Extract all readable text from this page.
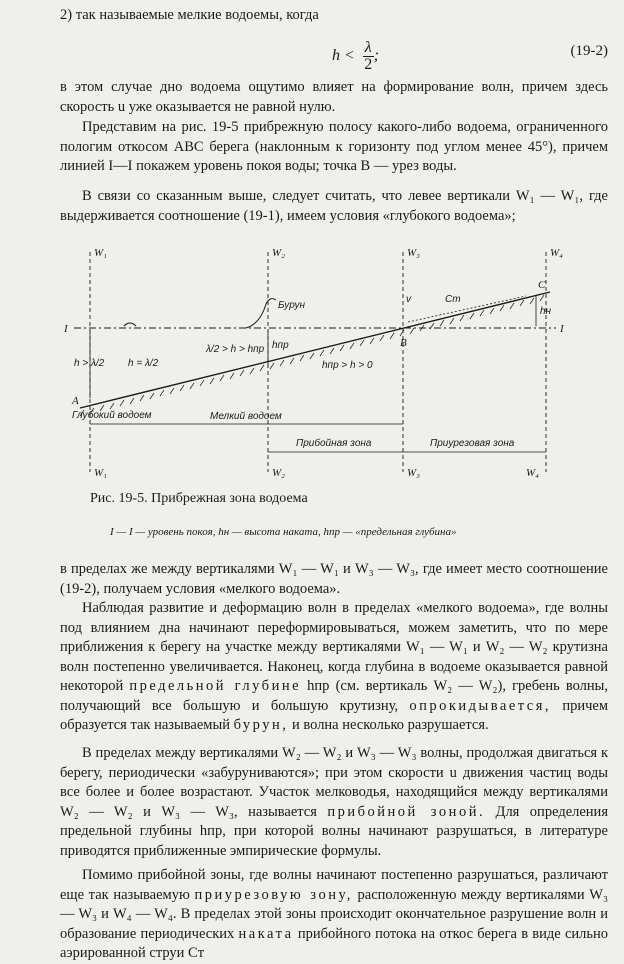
2) так называемые мелкие водоемы, когда

$h < \frac{\lambda}{2}$ ;	(19-2)

в этом случае дно водоема ощутимо влияет на формирование волн, причем здесь скорость u уже оказывается не равной нулю.

Представим на рис. 19-5 прибрежную полосу какого-либо водоема, ограниченного пологим откосом ABC берега (наклонным к горизонту под углом менее 45°), причем линией I—I покажем уровень покоя воды; точка B — урез воды.

В связи со сказанным выше, следует считать, что левее вертикали W₁ — W₁, где выдерживается соотношение (19-1), имеем условия «глубокого водоема»;

W₁	W₂	W₃	W₄
W₁	W₂	W₃	W₄
I	I
A
B
C
Бурун
Cт
v
hн
h > λ/2 h = λ/2
λ/2 > h > hпр hпр
hпр > h > 0
Глубокий водоем	Мелкий водоем
Прибойная зона	Приурезовая зона
Рис. 19-5. Прибрежная зона водоема
I — I — уровень покоя, hн — высота наката, hпр — «предельная глубина»

в пределах же между вертикалями W₁ — W₁ и W₃ — W₃, где имеет место соотношение (19-2), получаем условия «мелкого водоема».

Наблюдая развитие и деформацию волн в пределах «мелкого водоема», где волны под влиянием дна начинают переформировываться, можем заметить, что по мере приближения к берегу на участке между вертикалями W₁ — W₁ и W₂ — W₂ крутизна волн постепенно увеличивается. Наконец, когда глубина в водоеме оказывается равной некоторой предельной глубине hпр (см. вертикаль W₂ — W₂), гребень волны, получающий все большую и большую крутизну, опрокидывается, причем образуется так называемый бурун, и волна несколько разрушается.

В пределах между вертикалями W₂ — W₂ и W₃ — W₃ волны, продолжая двигаться к берегу, периодически «забуруниваются»; при этом скорости u движения частиц воды все более и более возрастают. Участок мелководья, находящийся между вертикалями W₂ — W₂ и W₃ — W₃, называется прибойной зоной. Для определения предельной глубины hпр, при которой волны начинают разрушаться, в литературе приводятся приближенные эмпирические формулы.

Помимо прибойной зоны, где волны начинают постепенно разрушаться, различают еще так называемую приурезовую зону, расположенную между вертикалями W₃ — W₃ и W₄ — W₄. В пределах этой зоны происходит окончательное разрушение волн и образование периодических наката прибойного потока на откос берега в виде сильно аэрированной струи Cт
